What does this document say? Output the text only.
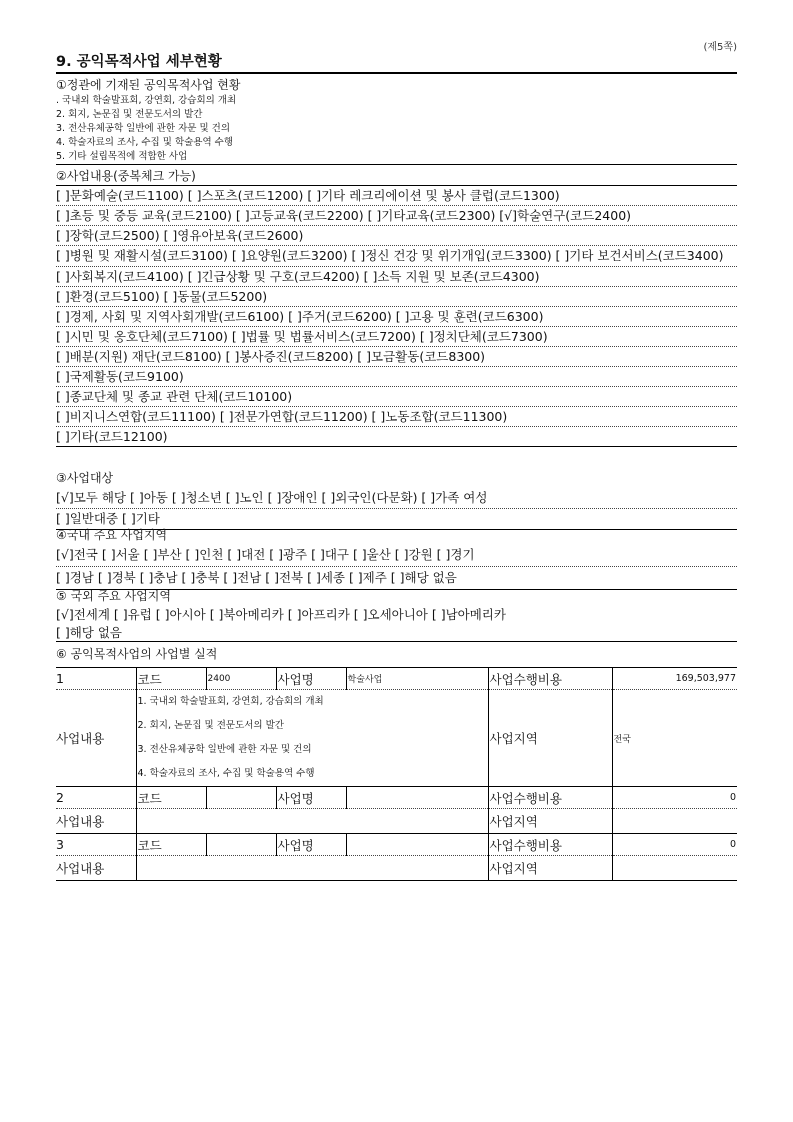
(제5쪽)
9. 공익목적사업 세부현황
①정관에 기재된 공익목적사업 현황
. 국내외 학술발표회, 강연회, 강습회의 개최
2. 회지, 논문집 및 전문도서의 발간
3. 전산유체공학 일반에 관한 자문 및 건의
4. 학술자료의 조사, 수집 및 학술용역 수행
5. 기타 설립목적에 적합한 사업
②사업내용(중복체크 가능)
[ ]문화예술(코드1100) [ ]스포츠(코드1200) [ ]기타 레크리에이션 및 봉사 클럽(코드1300)
[ ]초등 및 중등 교육(코드2100) [ ]고등교육(코드2200) [ ]기타교육(코드2300) [√]학술연구(코드2400)
[ ]장학(코드2500) [ ]영유아보육(코드2600)
[ ]병원 및 재활시설(코드3100) [ ]요양원(코드3200) [ ]정신 건강 및 위기개입(코드3300) [ ]기타 보건서비스(코드3400)
[ ]사회복지(코드4100) [ ]긴급상황 및 구호(코드4200) [ ]소득 지원 및 보존(코드4300)
[ ]환경(코드5100) [ ]동물(코드5200)
[ ]경제, 사회 및 지역사회개발(코드6100) [ ]주거(코드6200) [ ]고용 및 훈련(코드6300)
[ ]시민 및 옹호단체(코드7100) [ ]법률 및 법률서비스(코드7200) [ ]정치단체(코드7300)
[ ]배분(지원) 재단(코드8100) [ ]봉사증진(코드8200) [ ]모금활동(코드8300)
[ ]국제활동(코드9100)
[ ]종교단체 및 종교 관련 단체(코드10100)
[ ]비지니스연합(코드11100) [ ]전문가연합(코드11200) [ ]노동조합(코드11300)
[ ]기타(코드12100)
③사업대상
[√]모두 해당 [ ]아동 [ ]청소년 [ ]노인 [ ]장애인 [ ]외국인(다문화) [ ]가족 여성
[ ]일반대중 [ ]기타
④국내 주요 사업지역
[√]전국 [ ]서울 [ ]부산 [ ]인천 [ ]대전 [ ]광주 [ ]대구 [ ]울산 [ ]강원 [ ]경기
[ ]경남 [ ]경북 [ ]충남 [ ]충북 [ ]전남 [ ]전북 [ ]세종 [ ]제주 [ ]해당 없음
⑤ 국외 주요 사업지역
[√]전세계 [ ]유럽 [ ]아시아 [ ]북아메리카 [ ]아프리카 [ ]오세아니아 [ ]남아메리카
[ ]해당 없음
⑥ 공익목적사업의 사업별 실적
1	코드	2400	사업명	학술사업	사업수행비용	169,503,977
사업내용	1. 국내외 학술발표회, 강연회, 강습회의 개최
2. 회지, 논문집 및 전문도서의 발간
3. 전산유체공학 일반에 관한 자문 및 건의
4. 학술자료의 조사, 수집 및 학술용역 수행				사업지역	전국
2	코드		사업명		사업수행비용	0
사업내용					사업지역	
3	코드		사업명		사업수행비용	0
사업내용					사업지역	
